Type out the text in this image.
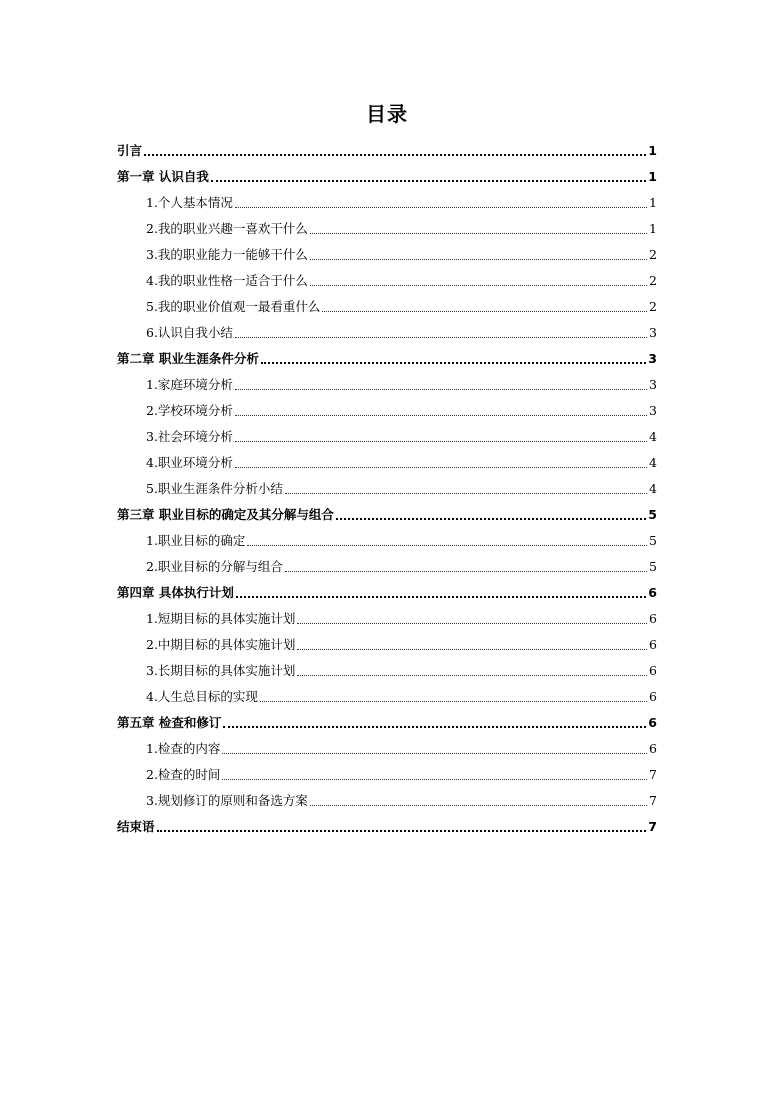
目录
引言	1
第一章 认识自我	1
1.个人基本情况	1
2.我的职业兴趣一喜欢干什么	1
3.我的职业能力一能够干什么	2
4.我的职业性格一适合于什么	2
5.我的职业价值观一最看重什么	2
6.认识自我小结	3
第二章 职业生涯条件分析	3
1.家庭环境分析	3
2.学校环境分析	3
3.社会环境分析	4
4.职业环境分析	4
5.职业生涯条件分析小结	4
第三章 职业目标的确定及其分解与组合	5
1.职业目标的确定	5
2.职业目标的分解与组合	5
第四章 具体执行计划	6
1.短期目标的具体实施计划	6
2.中期目标的具体实施计划	6
3.长期目标的具体实施计划	6
4.人生总目标的实现	6
第五章 检查和修订	6
1.检查的内容	6
2.检查的时间	7
3.规划修订的原则和备选方案	7
结束语	7
